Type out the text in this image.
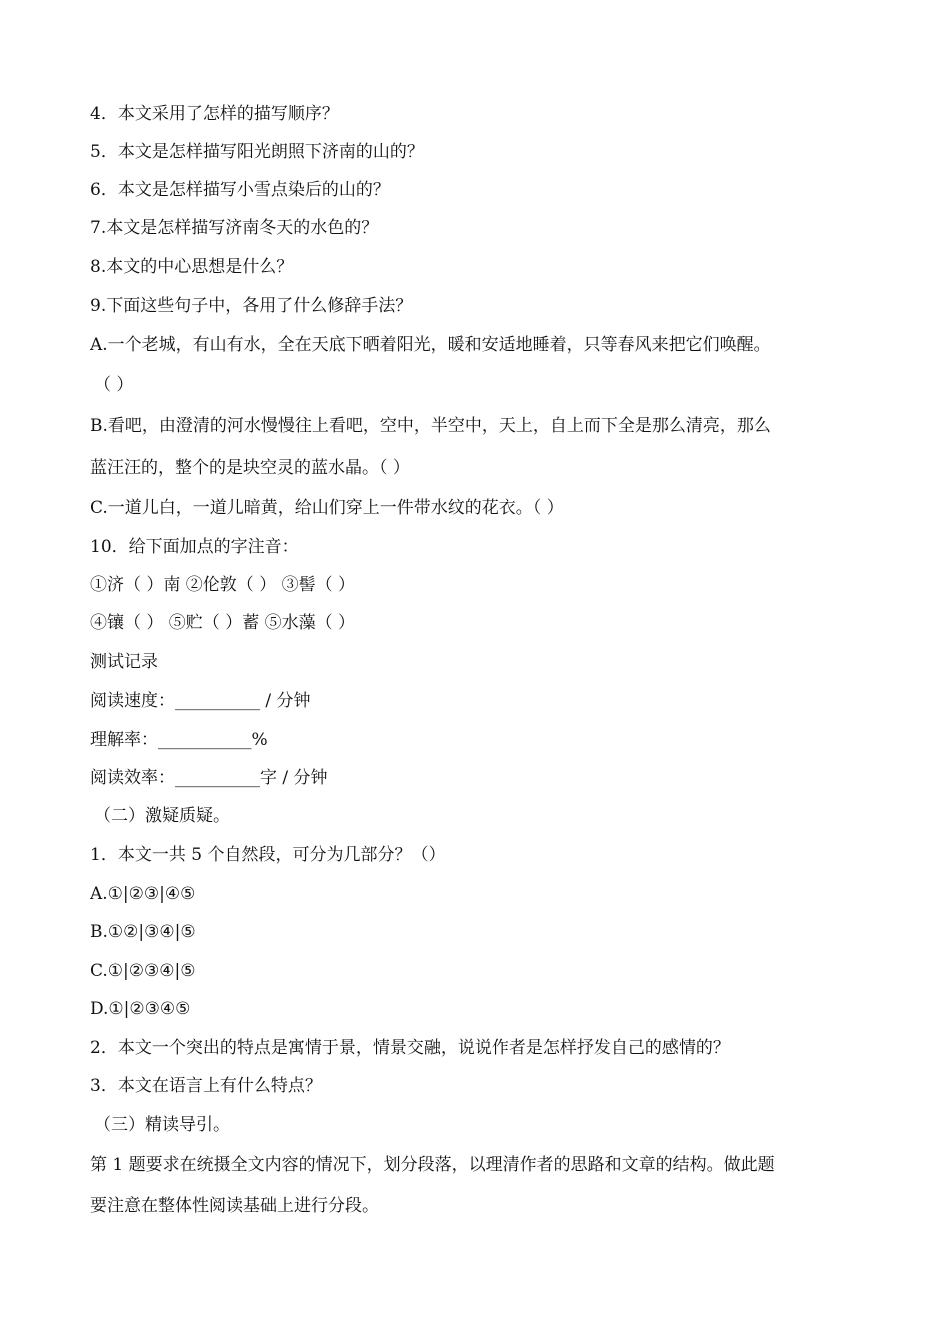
4．本文采用了怎样的描写顺序？
5．本文是怎样描写阳光朗照下济南的山的？
6．本文是怎样描写小雪点染后的山的？
7.本文是怎样描写济南冬天的水色的？
8.本文的中心思想是什么？
9.下面这些句子中，各用了什么修辞手法？
A.一个老城，有山有水，全在天底下晒着阳光，暖和安适地睡着，只等春风来把它们唤醒。
（ ）
B.看吧，由澄清的河水慢慢往上看吧，空中，半空中，天上，自上而下全是那么清亮，那么
蓝汪汪的，整个的是块空灵的蓝水晶。（ ）
C.一道儿白，一道儿暗黄，给山们穿上一件带水纹的花衣。（ ）
10．给下面加点的字注音：
①济（ ）南 ②伦敦（ ） ③髻（ ）
④镶（ ） ⑤贮（ ）蓄 ⑤水藻（ ）
测试记录
阅读速度：__________ / 分钟
理解率：___________%
阅读效率：__________字 / 分钟
（二）激疑质疑。
1．本文一共 5 个自然段，可分为几部分？（）
A.①|②③|④⑤
B.①②|③④|⑤
C.①|②③④|⑤
D.①|②③④⑤
2．本文一个突出的特点是寓情于景，情景交融，说说作者是怎样抒发自己的感情的？
3．本文在语言上有什么特点？
（三）精读导引。
第 1 题要求在统摄全文内容的情况下，划分段落，以理清作者的思路和文章的结构。做此题
要注意在整体性阅读基础上进行分段。
